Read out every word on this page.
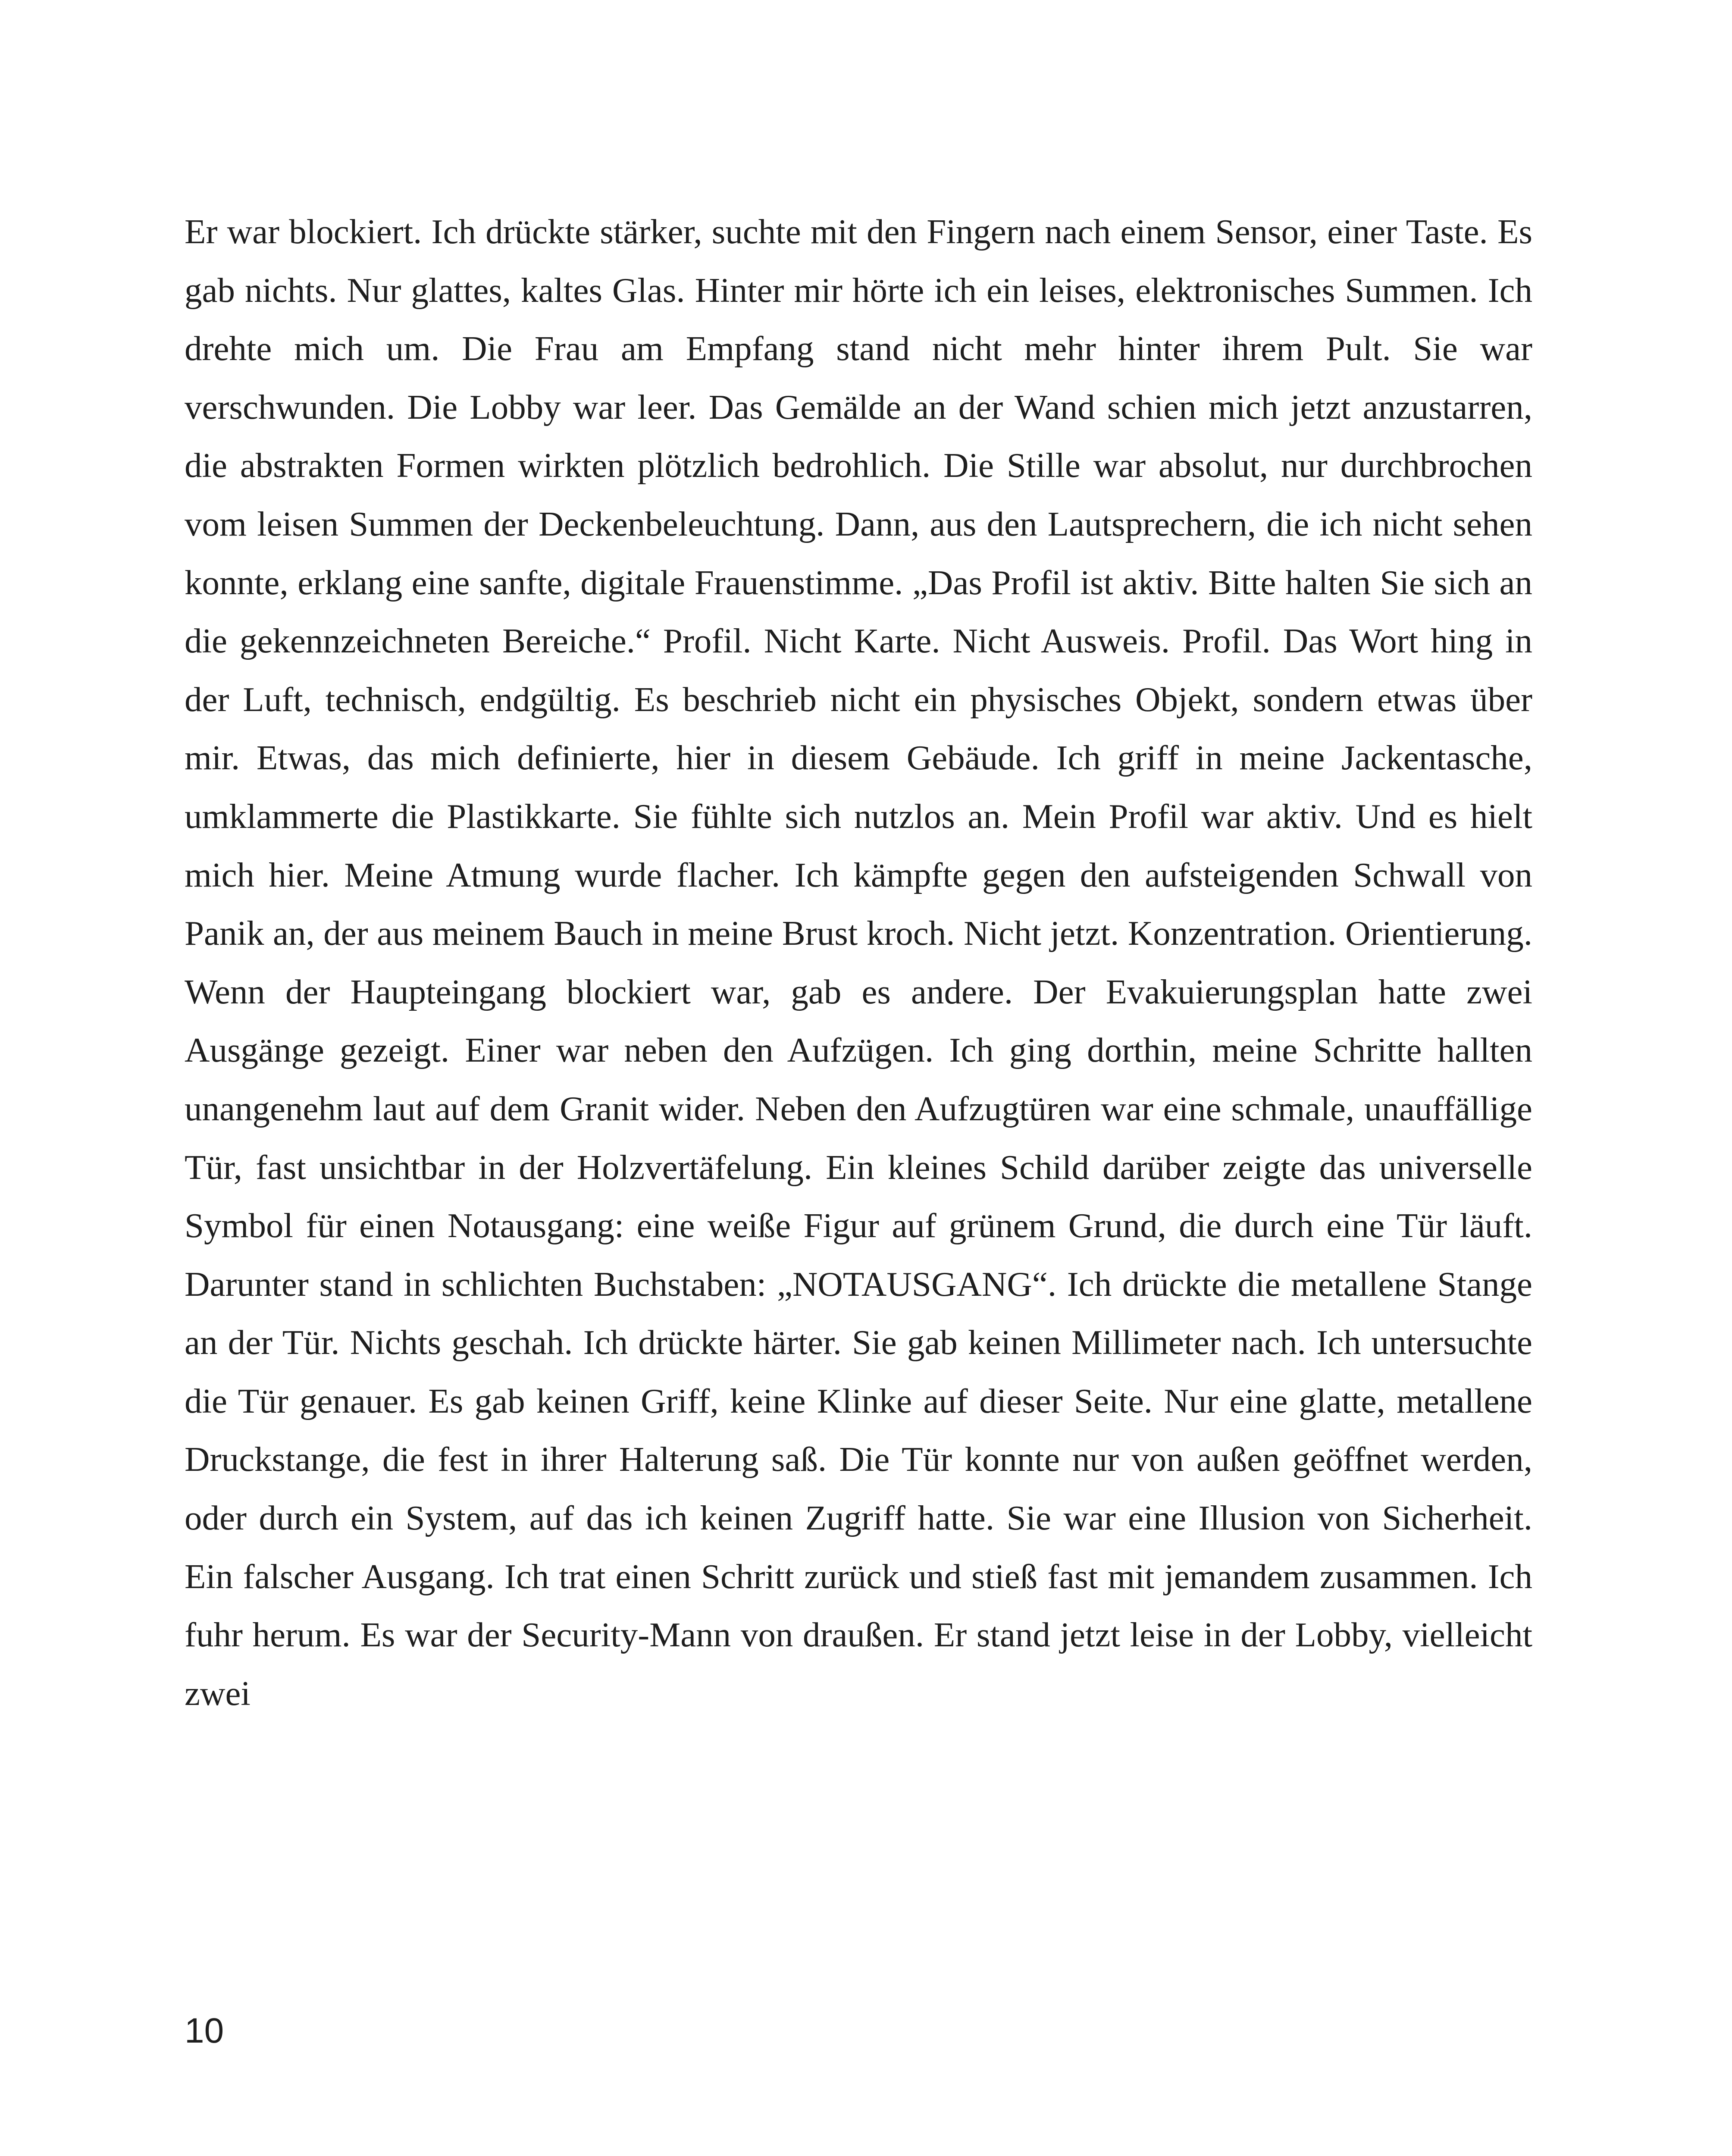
Er war blockiert. Ich drückte stärker, suchte mit den Fingern nach einem Sensor, einer Taste. Es gab nichts. Nur glattes, kaltes Glas. Hinter mir hörte ich ein leises, elektronisches Summen. Ich drehte mich um. Die Frau am Empfang stand nicht mehr hinter ihrem Pult. Sie war verschwunden. Die Lobby war leer. Das Gemälde an der Wand schien mich jetzt anzustarren, die abstrakten Formen wirkten plötzlich bedrohlich. Die Stille war absolut, nur durchbrochen vom leisen Summen der Deckenbeleuchtung. Dann, aus den Lautsprechern, die ich nicht sehen konnte, erklang eine sanfte, digitale Frauenstimme. „Das Profil ist aktiv. Bitte halten Sie sich an die gekennzeichneten Bereiche.“ Profil. Nicht Karte. Nicht Ausweis. Profil. Das Wort hing in der Luft, technisch, endgültig. Es beschrieb nicht ein physisches Objekt, sondern etwas über mir. Etwas, das mich definierte, hier in diesem Gebäude. Ich griff in meine Jackentasche, umklammerte die Plastikkarte. Sie fühlte sich nutzlos an. Mein Profil war aktiv. Und es hielt mich hier. Meine Atmung wurde flacher. Ich kämpfte gegen den aufsteigenden Schwall von Panik an, der aus meinem Bauch in meine Brust kroch. Nicht jetzt. Konzentration. Orientierung. Wenn der Haupteingang blockiert war, gab es andere. Der Evakuierungsplan hatte zwei Ausgänge gezeigt. Einer war neben den Aufzügen. Ich ging dorthin, meine Schritte hallten unangenehm laut auf dem Granit wider. Neben den Aufzugtüren war eine schmale, unauffällige Tür, fast unsichtbar in der Holzvertäfelung. Ein kleines Schild darüber zeigte das universelle Symbol für einen Notausgang: eine weiße Figur auf grünem Grund, die durch eine Tür läuft. Darunter stand in schlichten Buchstaben: „NOTAUSGANG“. Ich drückte die metallene Stange an der Tür. Nichts geschah. Ich drückte härter. Sie gab keinen Millimeter nach. Ich untersuchte die Tür genauer. Es gab keinen Griff, keine Klinke auf dieser Seite. Nur eine glatte, metallene Druckstange, die fest in ihrer Halterung saß. Die Tür konnte nur von außen geöffnet werden, oder durch ein System, auf das ich keinen Zugriff hatte. Sie war eine Illusion von Sicherheit. Ein falscher Ausgang. Ich trat einen Schritt zurück und stieß fast mit jemandem zusammen. Ich fuhr herum. Es war der Security-Mann von draußen. Er stand jetzt leise in der Lobby, vielleicht zwei

10
